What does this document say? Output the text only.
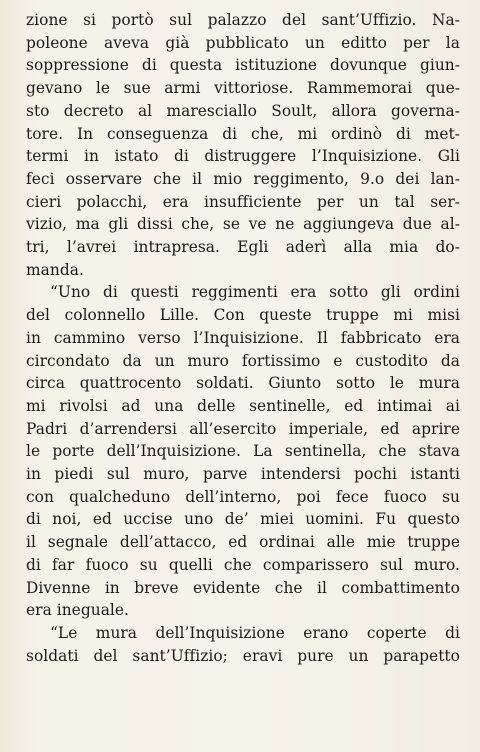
zione si portò sul palazzo del sant’Uffizio. Na-
poleone aveva già pubblicato un editto per la
soppressione di questa istituzione dovunque giun-
gevano le sue armi vittoriose. Rammemorai que-
sto decreto al maresciallo Soult, allora governa-
tore. In conseguenza di che, mi ordinò di met-
termi in istato di distruggere l’Inquisizione. Gli
feci osservare che il mio reggimento, 9.o dei lan-
cieri polacchi, era insufficiente per un tal ser-
vizio, ma gli dissi che, se ve ne aggiungeva due al-
tri, l’avrei intrapresa. Egli aderì alla mia do-
manda.
“Uno di questi reggimenti era sotto gli ordini
del colonnello Lille. Con queste truppe mi misi
in cammino verso l’Inquisizione. Il fabbricato era
circondato da un muro fortissimo e custodito da
circa quattrocento soldati. Giunto sotto le mura
mi rivolsi ad una delle sentinelle, ed intimai ai
Padri d’arrendersi all’esercito imperiale, ed aprire
le porte dell’Inquisizione. La sentinella, che stava
in piedi sul muro, parve intendersi pochi istanti
con qualcheduno dell’interno, poi fece fuoco su
di noi, ed uccise uno de’ miei uomini. Fu questo
il segnale dell’attacco, ed ordinai alle mie truppe
di far fuoco su quelli che comparissero sul muro.
Divenne in breve evidente che il combattimento
era ineguale.
“Le mura dell’Inquisizione erano coperte di
soldati del sant’Uffizio; eravi pure un parapetto
